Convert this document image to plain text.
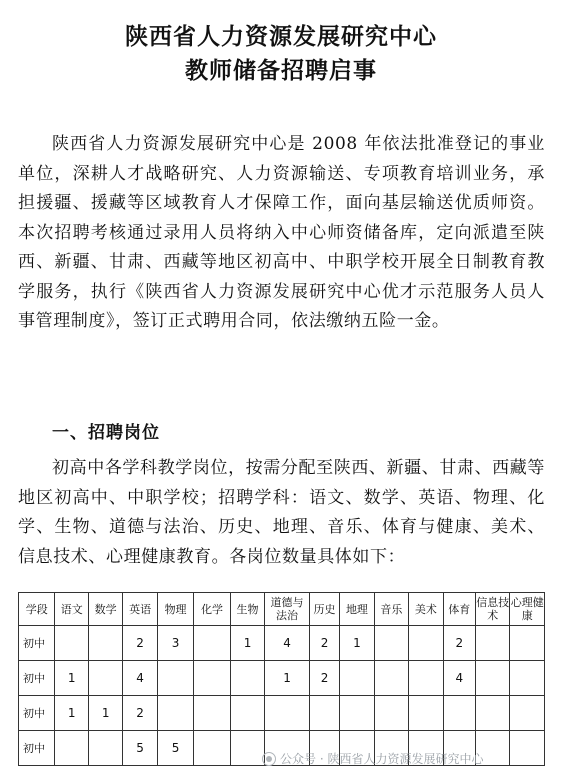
陕西省人力资源发展研究中心
教师储备招聘启事
陕西省人力资源发展研究中心是 2008 年依法批准登记的事业单位，深耕人才战略研究、人力资源输送、专项教育培训业务，承担援疆、援藏等区域教育人才保障工作，面向基层输送优质师资。本次招聘考核通过录用人员将纳入中心师资储备库，定向派遣至陕西、新疆、甘肃、西藏等地区初高中、中职学校开展全日制教育教学服务，执行《陕西省人力资源发展研究中心优才示范服务人员人事管理制度》，签订正式聘用合同，依法缴纳五险一金。
一、招聘岗位
初高中各学科教学岗位，按需分配至陕西、新疆、甘肃、西藏等地区初高中、中职学校；招聘学科：语文、数学、英语、物理、化学、生物、道德与法治、历史、地理、音乐、体育与健康、美术、信息技术、心理健康教育。各岗位数量具体如下：
学段	语文	数学	英语	物理	化学	生物	道德与法治	历史	地理	音乐	美术	体育	信息技术	心理健康
初中			2	3		1	4	2	1			2		
初中	1		4				1	2				4		
初中	1	1	2											
初中			5	5										
公众号 · 陕西省人力资源发展研究中心
